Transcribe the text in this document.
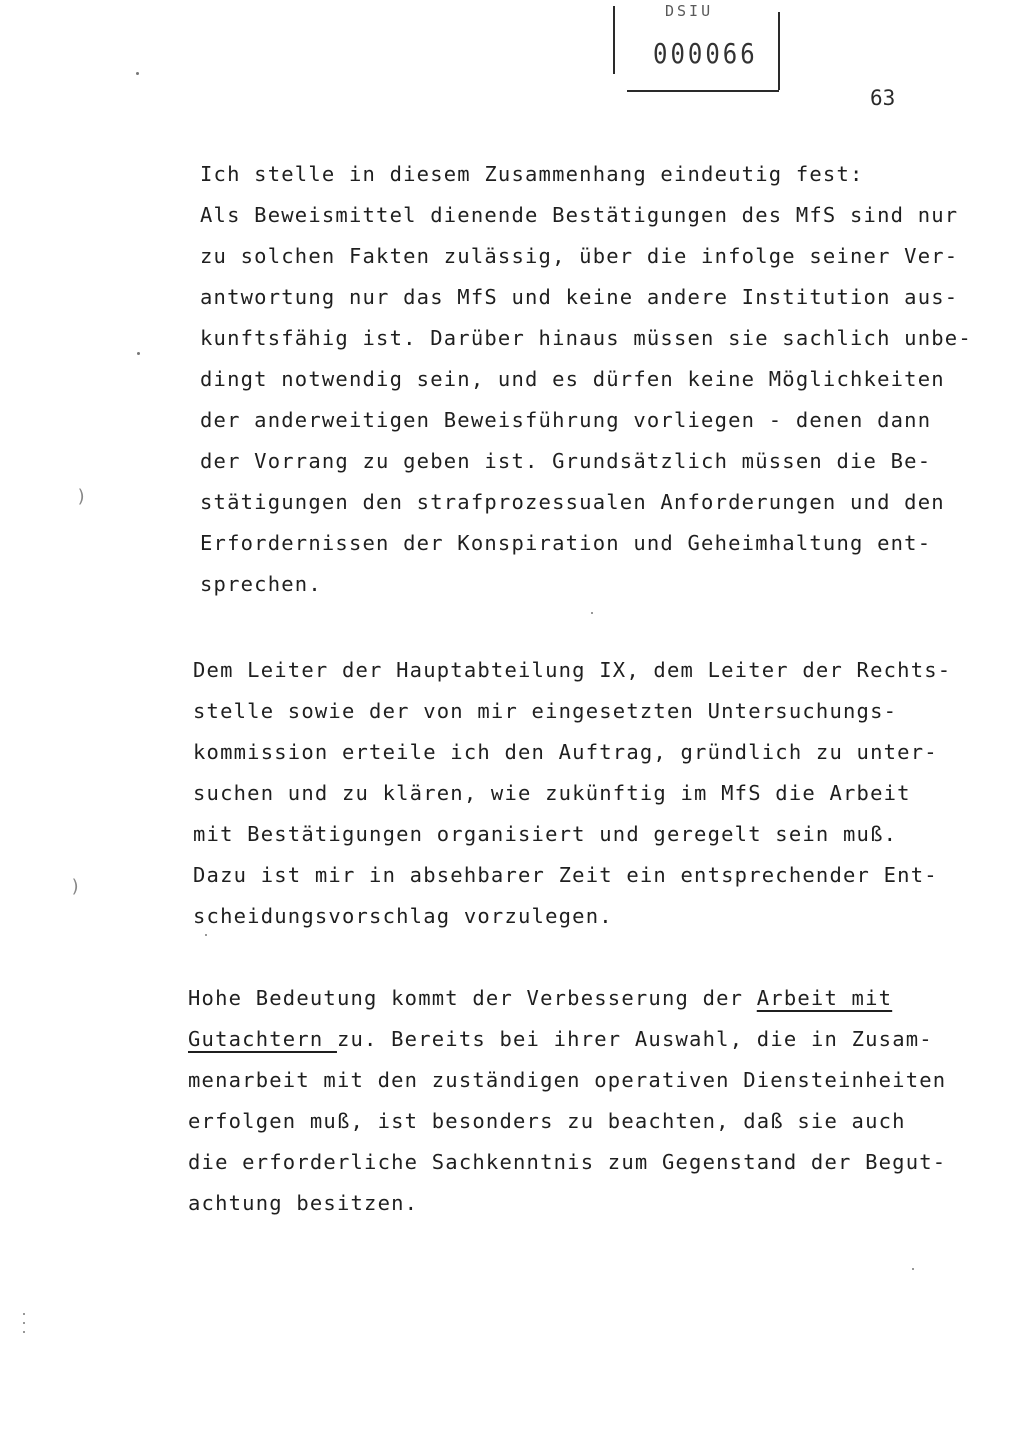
DSIU
000066
63
Ich stelle in diesem Zusammenhang eindeutig fest:
Als Beweismittel dienende Bestätigungen des MfS sind nur
zu solchen Fakten zulässig, über die infolge seiner Ver-
antwortung nur das MfS und keine andere Institution aus-
kunftsfähig ist. Darüber hinaus müssen sie sachlich unbe-
dingt notwendig sein, und es dürfen keine Möglichkeiten
der anderweitigen Beweisführung vorliegen - denen dann
der Vorrang zu geben ist. Grundsätzlich müssen die Be-
stätigungen den strafprozessualen Anforderungen und den
Erfordernissen der Konspiration und Geheimhaltung ent-
sprechen.
Dem Leiter der Hauptabteilung IX, dem Leiter der Rechts-
stelle sowie der von mir eingesetzten Untersuchungs-
kommission erteile ich den Auftrag, gründlich zu unter-
suchen und zu klären, wie zukünftig im MfS die Arbeit
mit Bestätigungen organisiert und geregelt sein muß.
Dazu ist mir in absehbarer Zeit ein entsprechender Ent-
scheidungsvorschlag vorzulegen.
Hohe Bedeutung kommt der Verbesserung der Arbeit mit
Gutachtern zu. Bereits bei ihrer Auswahl, die in Zusam-
menarbeit mit den zuständigen operativen Diensteinheiten
erfolgen muß, ist besonders zu beachten, daß sie auch
die erforderliche Sachkenntnis zum Gegenstand der Begut-
achtung besitzen.
)
)
